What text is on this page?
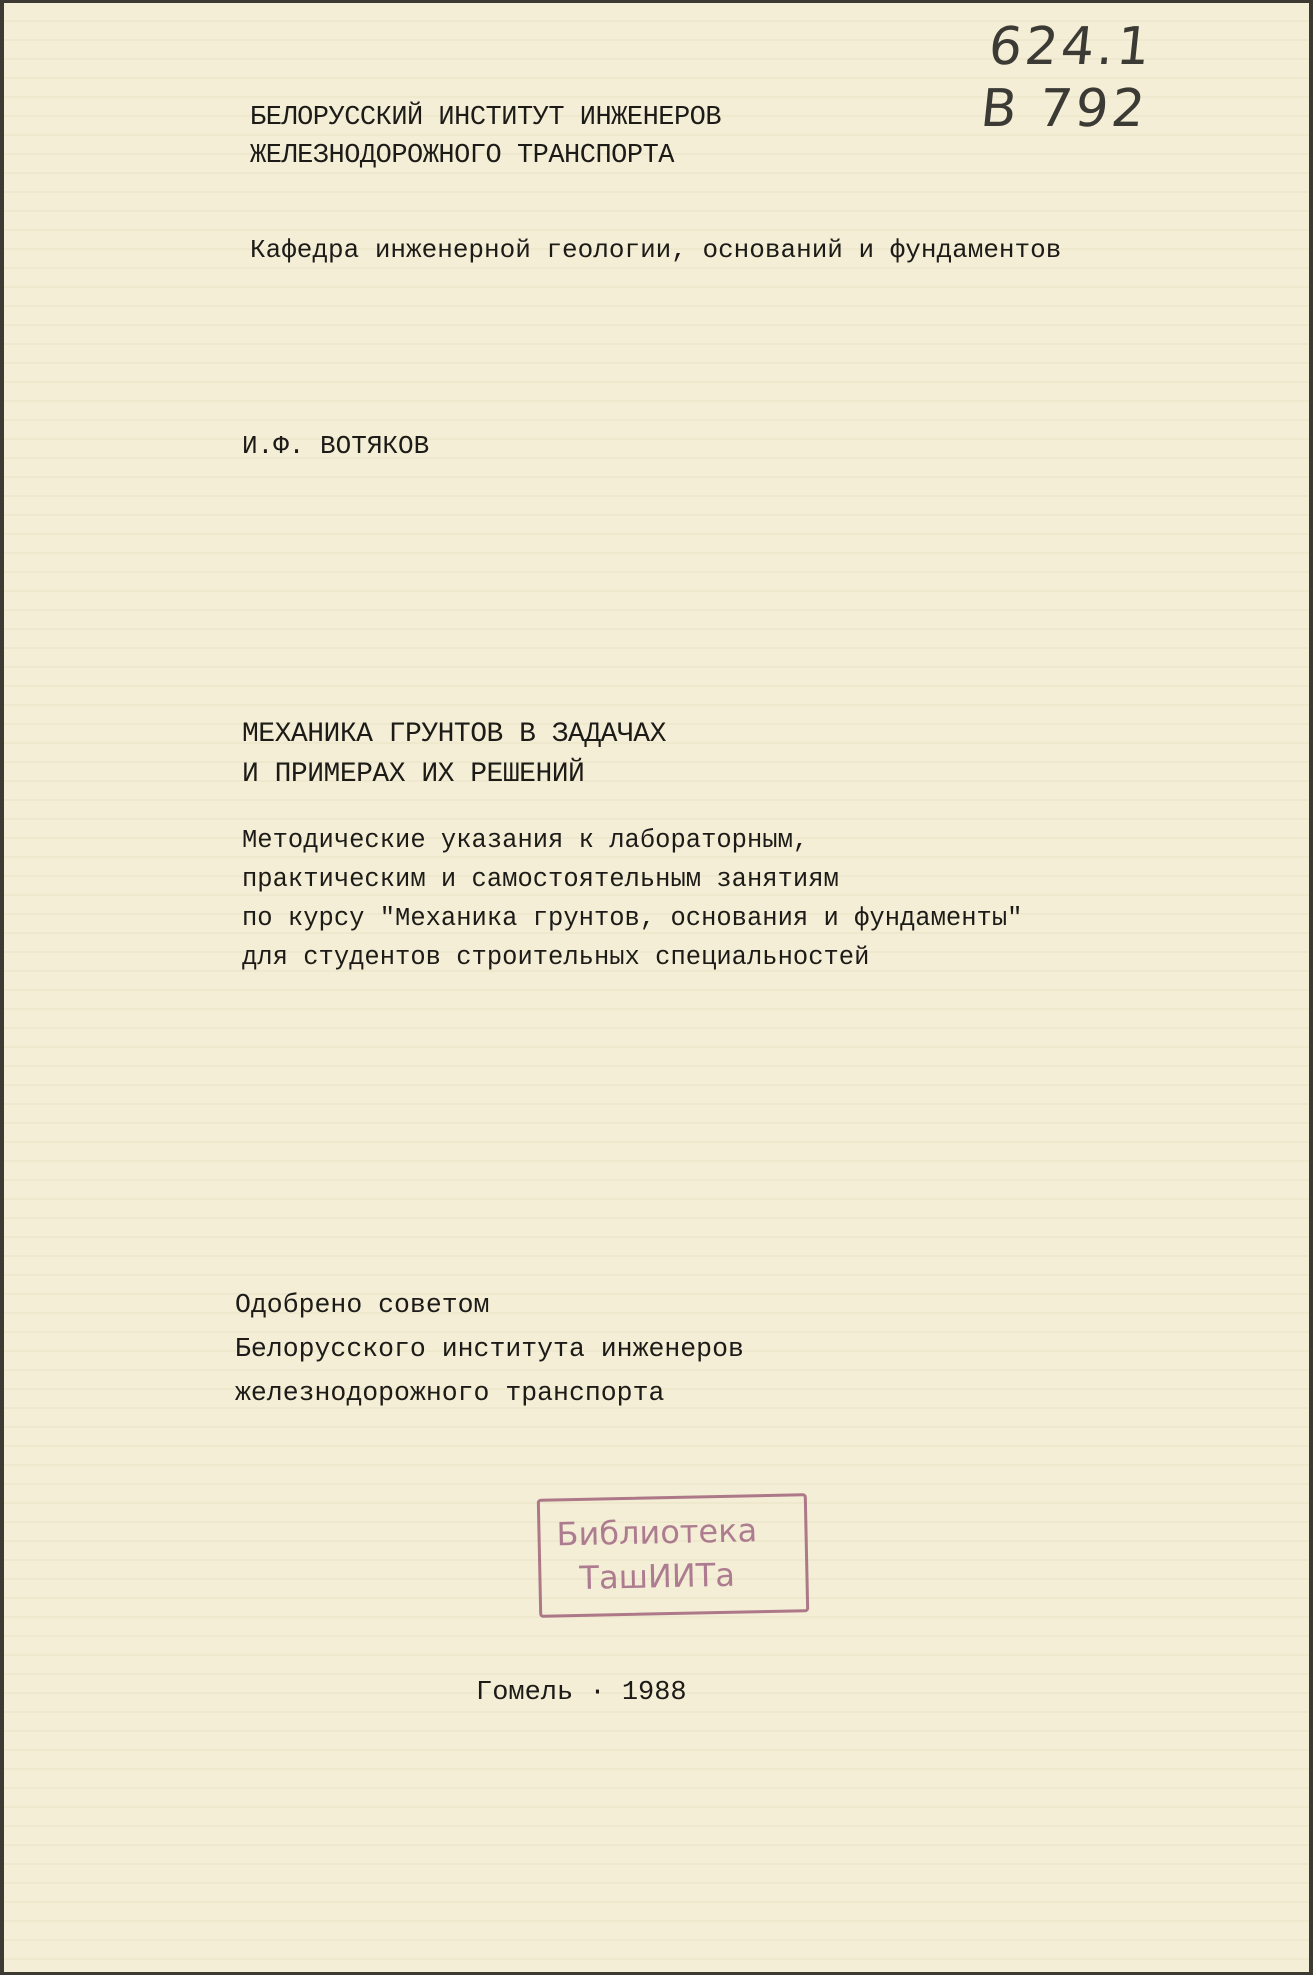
624.1

В 792

БЕЛОРУССКИЙ ИНСТИТУТ ИНЖЕНЕРОВ
ЖЕЛЕЗНОДОРОЖНОГО ТРАНСПОРТА

Кафедра инженерной геологии, оснований и фундаментов

И.Ф. ВОТЯКОВ

МЕХАНИКА ГРУНТОВ В ЗАДАЧАХ
И ПРИМЕРАХ ИХ РЕШЕНИЙ
Методические указания к лабораторным,
практическим и самостоятельным занятиям
по курсу "Механика грунтов, основания и фундаменты"
для студентов строительных специальностей
Одобрено советом
Белорусского института инженеров
железнодорожного транспорта

Библиотека

ТашИИТа

Гомель · 1988
